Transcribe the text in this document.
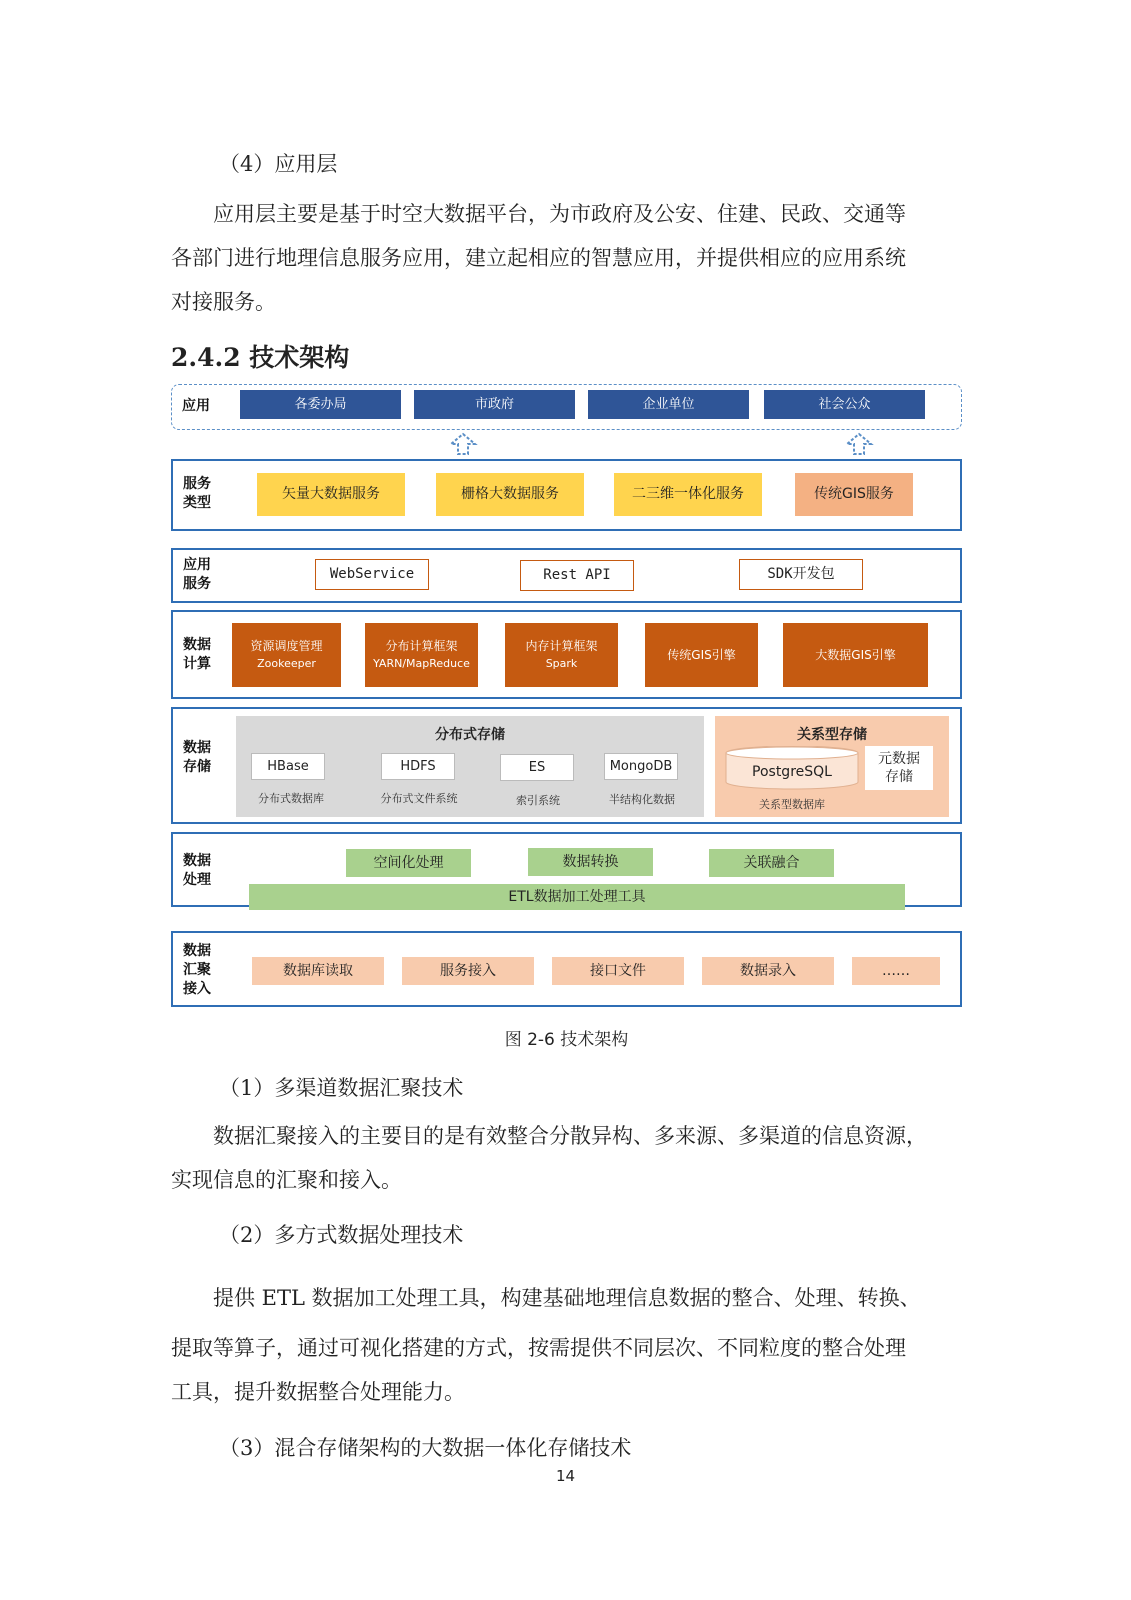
（4）应用层
应用层主要是基于时空大数据平台，为市政府及公安、住建、民政、交通等
各部门进行地理信息服务应用，建立起相应的智慧应用，并提供相应的应用系统
对接服务。
2.4.2 技术架构
应用	各委办局	市政府	企业单位	社会公众
服务
类型
矢量大数据服务	栅格大数据服务	二三维一体化服务	传统GIS服务
应用
服务
WebService	Rest API	SDK开发包
数据
计算
资源调度管理
Zookeeper
分布计算框架
YARN/MapReduce
内存计算框架
Spark
传统GIS引擎	大数据GIS引擎
数据
存储
分布式存储
HBase
分布式数据库
HDFS
分布式文件系统
ES
索引系统
MongoDB
半结构化数据
关系型存储
PostgreSQL
关系型数据库
元数据
存储
数据
处理
空间化处理	数据转换	关联融合
ETL数据加工处理工具
数据
汇聚
接入
数据库读取	服务接入	接口文件	数据录入	……
图 2-6 技术架构
（1）多渠道数据汇聚技术
数据汇聚接入的主要目的是有效整合分散异构、多来源、多渠道的信息资源，
实现信息的汇聚和接入。
（2）多方式数据处理技术
提供 ETL 数据加工处理工具，构建基础地理信息数据的整合、处理、转换、
提取等算子，通过可视化搭建的方式，按需提供不同层次、不同粒度的整合处理
工具，提升数据整合处理能力。
（3）混合存储架构的大数据一体化存储技术
14
